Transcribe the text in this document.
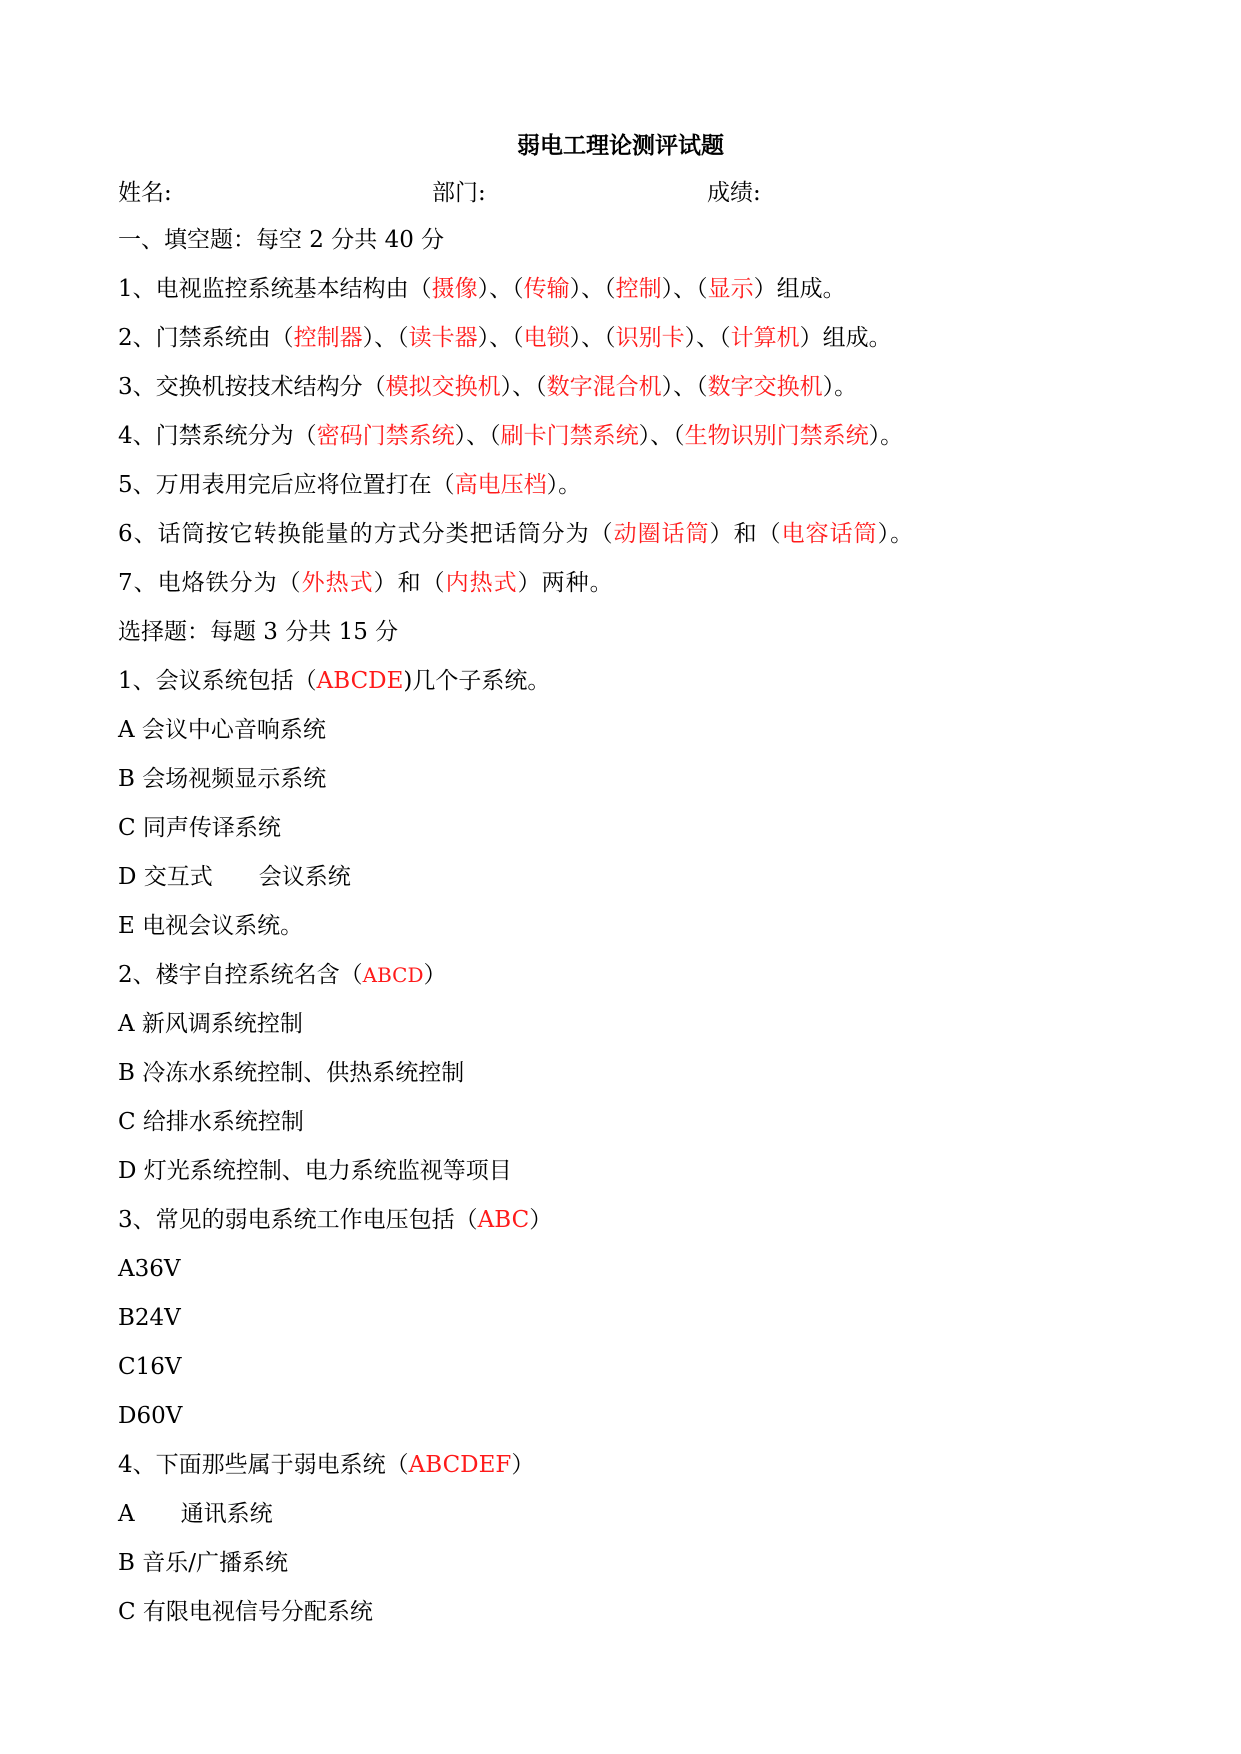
弱电工理论测评试题
姓名:	部门:	成绩:
一、填空题：每空 2 分共 40 分
1、电视监控系统基本结构由（摄像）、（传输）、（控制）、（显示）组成。
2、门禁系统由（控制器）、（读卡器）、（电锁）、（识别卡）、（计算机）组成。
3、交换机按技术结构分（模拟交换机）、（数字混合机）、（数字交换机）。
4、门禁系统分为（密码门禁系统）、（刷卡门禁系统）、（生物识别门禁系统）。
5、万用表用完后应将位置打在（高电压档）。
6、话筒按它转换能量的方式分类把话筒分为（动圈话筒）和（电容话筒）。
7、电烙铁分为（外热式）和（内热式）两种。
选择题：每题 3 分共 15 分
1、会议系统包括（ABCDE)几个子系统。
A 会议中心音响系统
B 会场视频显示系统
C 同声传译系统
D 交互式　　会议系统
E 电视会议系统。
2、楼宇自控系统名含（ABCD）
A 新风调系统控制
B 冷冻水系统控制、供热系统控制
C 给排水系统控制
D 灯光系统控制、电力系统监视等项目
3、常见的弱电系统工作电压包括（ABC）
A36V
B24V
C16V
D60V
4、下面那些属于弱电系统（ABCDEF）
A　　通讯系统
B 音乐/广播系统
C 有限电视信号分配系统
